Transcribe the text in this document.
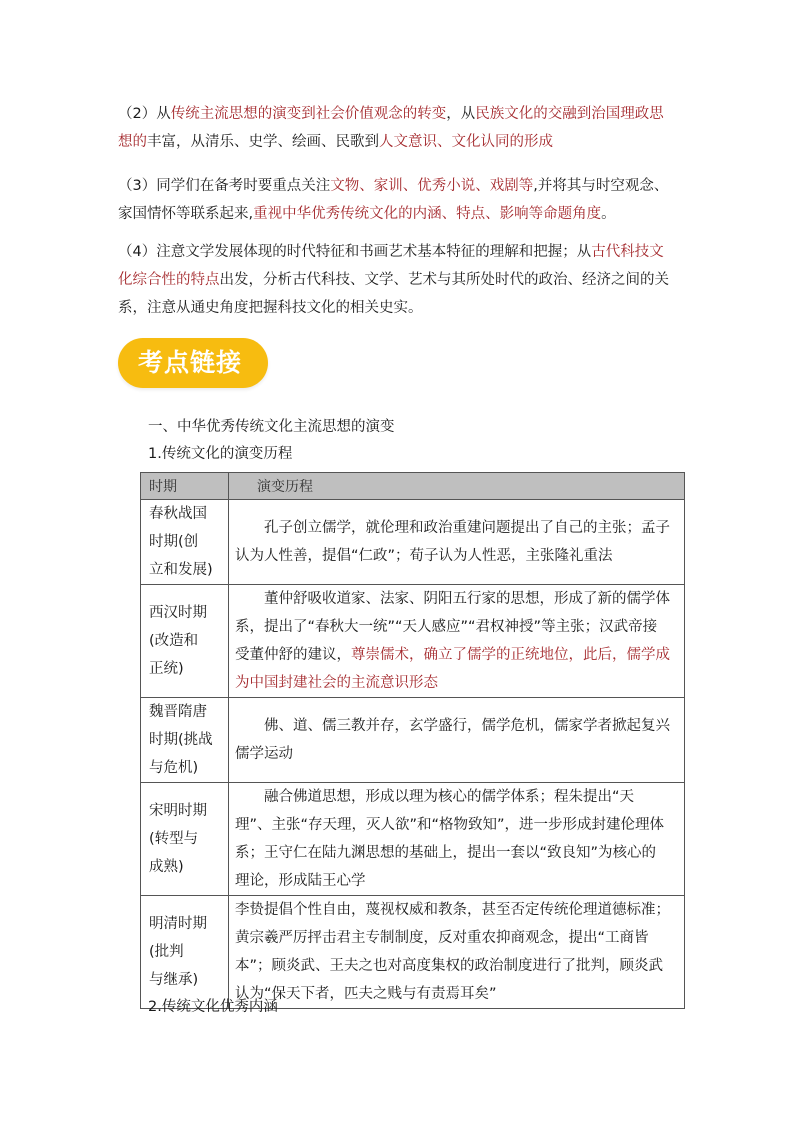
（2）从传统主流思想的演变到社会价值观念的转变，从民族文化的交融到治国理政思想的丰富，从清乐、史学、绘画、民歌到人文意识、文化认同的形成
（3）同学们在备考时要重点关注文物、家训、优秀小说、戏剧等,并将其与时空观念、家国情怀等联系起来,重视中华优秀传统文化的内涵、特点、影响等命题角度。
（4）注意文学发展体现的时代特征和书画艺术基本特征的理解和把握；从古代科技文化综合性的特点出发，分析古代科技、文学、艺术与其所处时代的政治、经济之间的关系，注意从通史角度把握科技文化的相关史实。
考点链接
一、中华优秀传统文化主流思想的演变
1.传统文化的演变历程
时期	演变历程

春秋战国
时期(创
立和发展)	孔子创立儒学，就伦理和政治重建问题提出了自己的主张；孟子认为人性善，提倡“仁政”；荀子认为人性恶，主张隆礼重法

西汉时期
(改造和
正统)	董仲舒吸收道家、法家、阴阳五行家的思想，形成了新的儒学体系，提出了“春秋大一统”“天人感应”“君权神授”等主张；汉武帝接受董仲舒的建议，尊崇儒术，确立了儒学的正统地位，此后，儒学成为中国封建社会的主流意识形态

魏晋隋唐
时期(挑战
与危机)	佛、道、儒三教并存，玄学盛行，儒学危机，儒家学者掀起复兴儒学运动

宋明时期
(转型与
成熟)	融合佛道思想，形成以理为核心的儒学体系；程朱提出“天理”、主张“存天理，灭人欲”和“格物致知”，进一步形成封建伦理体系；王守仁在陆九渊思想的基础上，提出一套以“致良知”为核心的理论，形成陆王心学

明清时期
(批判
与继承)	李贽提倡个性自由，蔑视权威和教条，甚至否定传统伦理道德标准；黄宗羲严厉抨击君主专制制度，反对重农抑商观念，提出“工商皆本”；顾炎武、王夫之也对高度集权的政治制度进行了批判，顾炎武认为“保天下者，匹夫之贱与有责焉耳矣”
2.传统文化优秀内涵
